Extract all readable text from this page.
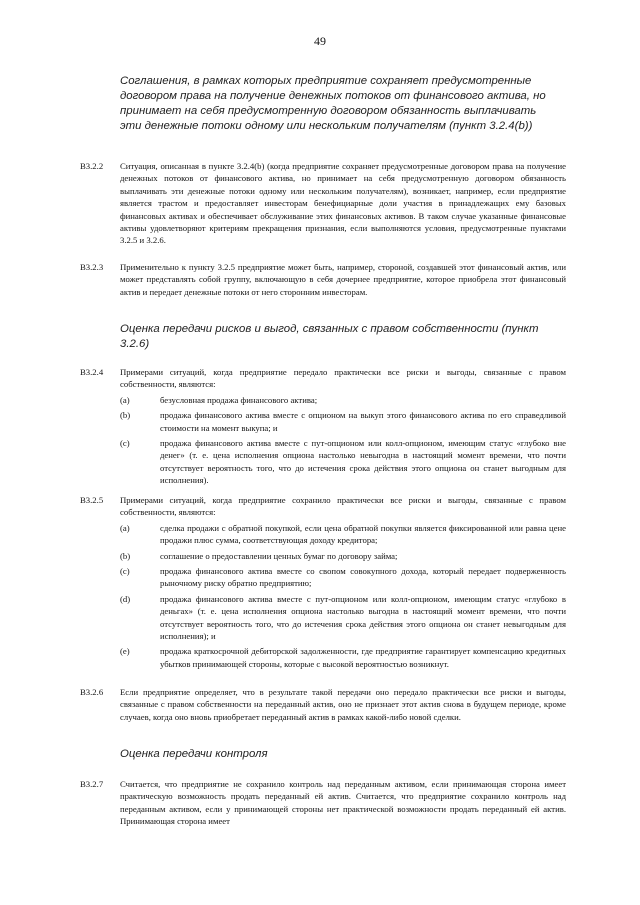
49
Соглашения, в рамках которых предприятие сохраняет предусмотренные договором права на получение денежных потоков от финансового актива, но принимает на себя предусмотренную договором обязанность выплачивать эти денежные потоки одному или нескольким получателям (пункт 3.2.4(b))
B3.2.2	Ситуация, описанная в пункте 3.2.4(b) (когда предприятие сохраняет предусмотренные договором права на получение денежных потоков от финансового актива, но принимает на себя предусмотренную договором обязанность выплачивать эти денежные потоки одному или нескольким получателям), возникает, например, если предприятие является трастом и предоставляет инвесторам бенефициарные доли участия в принадлежащих ему базовых финансовых активах и обеспечивает обслуживание этих финансовых активов. В таком случае указанные финансовые активы удовлетворяют критериям прекращения признания, если выполняются условия, предусмотренные пунктами 3.2.5 и 3.2.6.
B3.2.3	Применительно к пункту 3.2.5 предприятие может быть, например, стороной, создавшей этот финансовый актив, или может представлять собой группу, включающую в себя дочернее предприятие, которое приобрела этот финансовый актив и передает денежные потоки от него сторонним инвесторам.
Оценка передачи рисков и выгод, связанных с правом собственности (пункт 3.2.6)
B3.2.4	Примерами ситуаций, когда предприятие передало практически все риски и выгоды, связанные с правом собственности, являются:
(a)	безусловная продажа финансового актива;
(b)	продажа финансового актива вместе с опционом на выкуп этого финансового актива по его справедливой стоимости на момент выкупа; и
(c)	продажа финансового актива вместе с пут-опционом или колл-опционом, имеющим статус «глубоко вне денег» (т. е. цена исполнения опциона настолько невыгодна в настоящий момент времени, что почти отсутствует вероятность того, что до истечения срока действия этого опциона он станет выгодным для исполнения).
B3.2.5	Примерами ситуаций, когда предприятие сохранило практически все риски и выгоды, связанные с правом собственности, являются:
(a)	сделка продажи с обратной покупкой, если цена обратной покупки является фиксированной или равна цене продажи плюс сумма, соответствующая доходу кредитора;
(b)	соглашение о предоставлении ценных бумаг по договору займа;
(c)	продажа финансового актива вместе со свопом совокупного дохода, который передает подверженность рыночному риску обратно предприятию;
(d)	продажа финансового актива вместе с пут-опционом или колл-опционом, имеющим статус «глубоко в деньгах» (т. е. цена исполнения опциона настолько выгодна в настоящий момент времени, что почти отсутствует вероятность того, что до истечения срока действия этого опциона он станет невыгодным для исполнения); и
(e)	продажа краткосрочной дебиторской задолженности, где предприятие гарантирует компенсацию кредитных убытков принимающей стороны, которые с высокой вероятностью возникнут.
B3.2.6	Если предприятие определяет, что в результате такой передачи оно передало практически все риски и выгоды, связанные с правом собственности на переданный актив, оно не признает этот актив снова в будущем периоде, кроме случаев, когда оно вновь приобретает переданный актив в рамках какой-либо новой сделки.
Оценка передачи контроля
B3.2.7	Считается, что предприятие не сохранило контроль над переданным активом, если принимающая сторона имеет практическую возможность продать переданный ей актив. Считается, что предприятие сохранило контроль над переданным активом, если у принимающей стороны нет практической возможности продать переданный ей актив. Принимающая сторона имеет
